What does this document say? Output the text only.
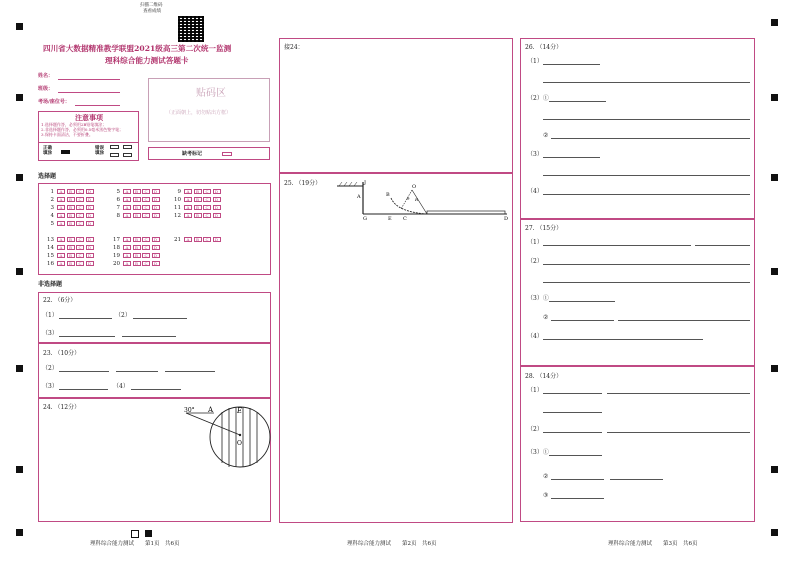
扫描二维码
查看成绩
四川省大数据精准教学联盟2021级高三第二次统一监测
理科综合能力测试答题卡
姓名：
班级：
考场/座位号：
贴码区
（正面朝上，切勿贴出方框）
注意事项
1.选择题作答，必须用2B铅笔填涂；
2.非选择题作答，必须用0.5毫米黑色签字笔；
3.保持卡面清洁，不要折叠。
正确填涂
错误填涂	缺考标记
选择题
1	A	B	C	D
2	A	B	C	D
3	A	B	C	D
4	A	B	C	D
5	A	B	C	D
13	A	B	C	D
14	A	B	C	D
15	A	B	C	D
16	A	B	C	D
5	A	B	C	D
6	A	B	C	D
7	A	B	C	D
8	A	B	C	D
17	A	B	C	D
18	A	B	C	D
19	A	B	C	D
20	A	B	C	D
9	A	B	C	D
10	A	B	C	D
11	A	B	C	D
12	A	B	C	D
21	A	B	C	D
非选择题
22. （6分）
（1）	（2）
（3）
23. （10分）
（2）
（3）	（4）
24. （12分）	30° A	E
O
接24：
25. （19分）	J
A	B
O
R
θ
G	E C	D
26. （14分）
（1）
（2）①
②
（3）
（4）
27. （15分）
（1）
（2）
（3）①
②
（4）
28. （14分）
（1）
（2）
（3）①
②
③
理科综合能力测试　　第1页　共6页	理科综合能力测试　　第2页　共6页	理科综合能力测试　　第3页　共6页
